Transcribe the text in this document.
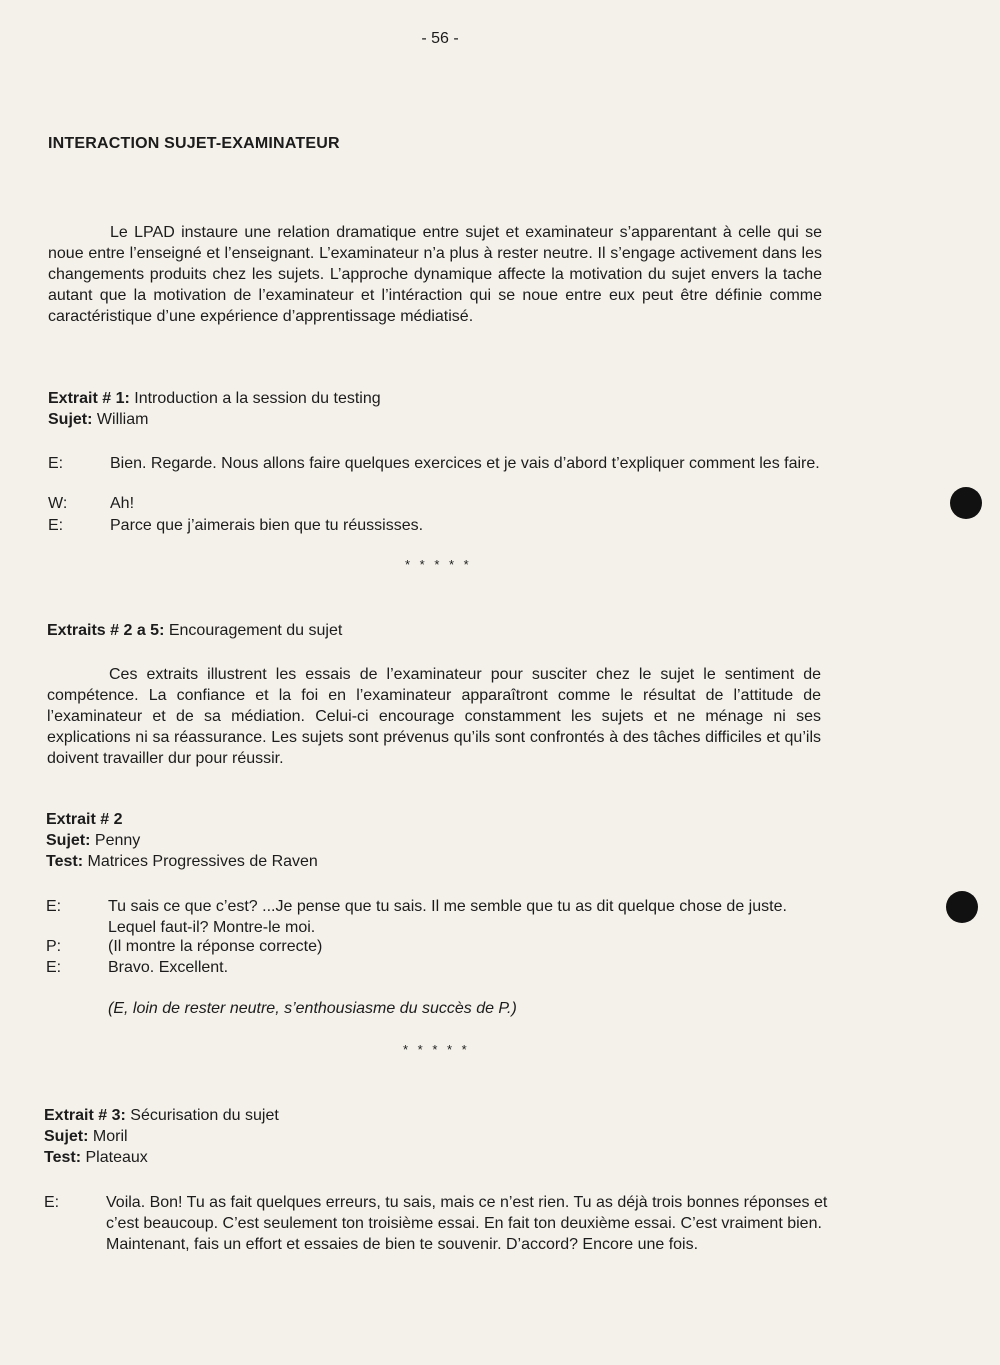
- 56 -
INTERACTION SUJET-EXAMINATEUR
Le LPAD instaure une relation dramatique entre sujet et examinateur s’apparentant à celle qui se noue entre l’enseigné et l’enseignant. L’examinateur n’a plus à rester neutre. Il s’engage activement dans les changements produits chez les sujets. L’approche dynamique affecte la motivation du sujet envers la tache autant que la motivation de l’examinateur et l’intéraction qui se noue entre eux peut être définie comme caractéristique d’une expérience d’apprentissage médiatisé.
Extrait # 1: Introduction a la session du testing
Sujet: William
E:	Bien. Regarde. Nous allons faire quelques exercices et je vais d’abord t’expliquer comment les faire.
W:	Ah!
E:	Parce que j’aimerais bien que tu réussisses.
* * * * *
Extraits # 2 a 5: Encouragement du sujet
Ces extraits illustrent les essais de l’examinateur pour susciter chez le sujet le sentiment de compétence. La confiance et la foi en l’examinateur apparaîtront comme le résultat de l’attitude de l’examinateur et de sa médiation. Celui-ci encourage constamment les sujets et ne ménage ni ses explications ni sa réassurance. Les sujets sont prévenus qu’ils sont confrontés à des tâches difficiles et qu’ils doivent travailler dur pour réussir.
Extrait # 2
Sujet: Penny
Test: Matrices Progressives de Raven
E:	Tu sais ce que c’est? ...Je pense que tu sais. Il me semble que tu as dit quelque chose de juste. Lequel faut-il? Montre-le moi.
P:	(Il montre la réponse correcte)
E:	Bravo. Excellent.
(E, loin de rester neutre, s’enthousiasme du succès de P.)
* * * * *
Extrait # 3: Sécurisation du sujet
Sujet: Moril
Test: Plateaux
E:	Voila. Bon! Tu as fait quelques erreurs, tu sais, mais ce n’est rien. Tu as déjà trois bonnes réponses et c’est beaucoup. C’est seulement ton troisième essai. En fait ton deuxième essai. C’est vraiment bien. Maintenant, fais un effort et essaies de bien te souvenir. D’accord? Encore une fois.
